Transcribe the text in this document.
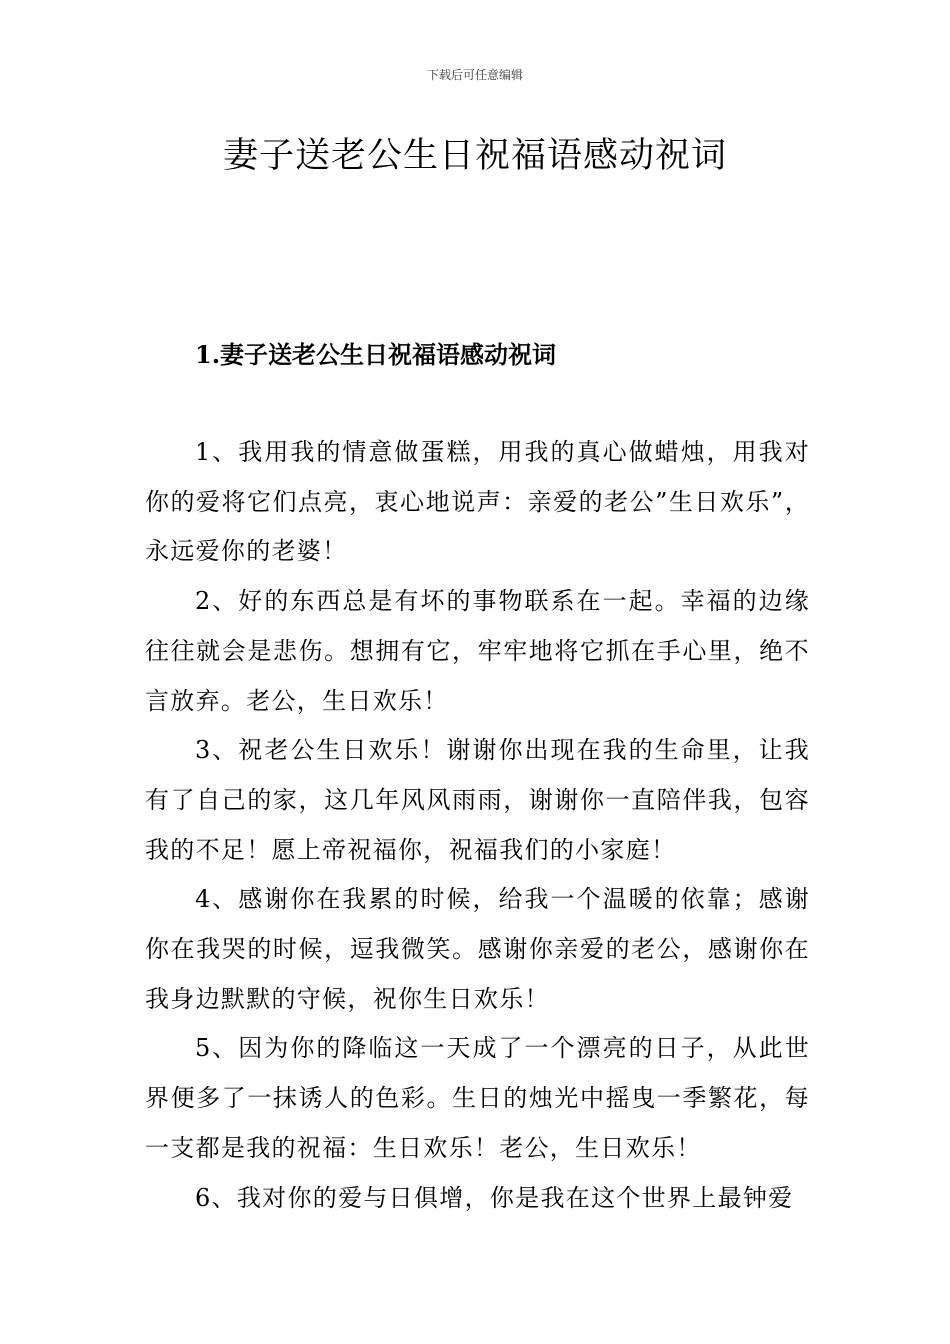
下载后可任意编辑
妻子送老公生日祝福语感动祝词
1.妻子送老公生日祝福语感动祝词

1、我用我的情意做蛋糕，用我的真心做蜡烛，用我对你的爱将它们点亮，衷心地说声：亲爱的老公”生日欢乐”，永远爱你的老婆！

2、好的东西总是有坏的事物联系在一起。幸福的边缘往往就会是悲伤。想拥有它，牢牢地将它抓在手心里，绝不言放弃。老公，生日欢乐！

3、祝老公生日欢乐！谢谢你出现在我的生命里，让我有了自己的家，这几年风风雨雨，谢谢你一直陪伴我，包容我的不足！愿上帝祝福你，祝福我们的小家庭！

4、感谢你在我累的时候，给我一个温暖的依靠；感谢你在我哭的时候，逗我微笑。感谢你亲爱的老公，感谢你在我身边默默的守候，祝你生日欢乐！

5、因为你的降临这一天成了一个漂亮的日子，从此世界便多了一抹诱人的色彩。生日的烛光中摇曳一季繁花，每一支都是我的祝福：生日欢乐！老公，生日欢乐！

6、我对你的爱与日俱增，你是我在这个世界上最钟爱
